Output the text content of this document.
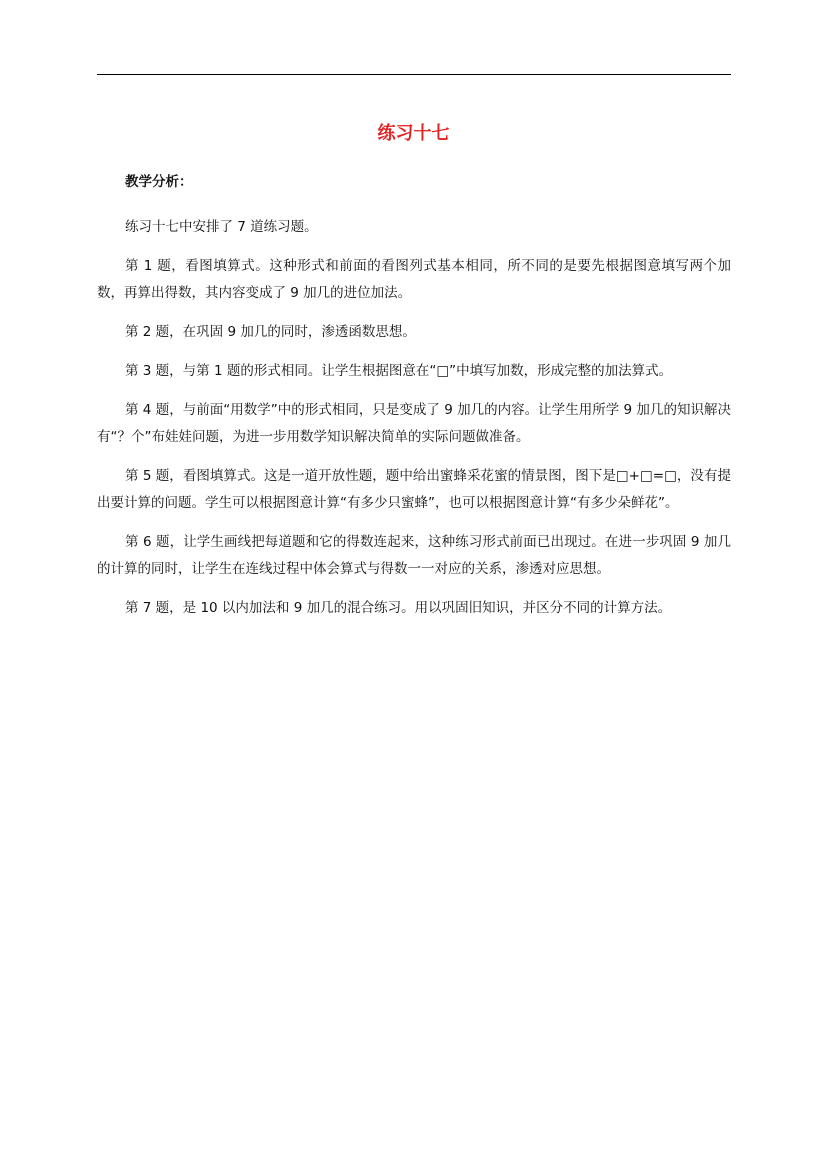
练习十七
教学分析：

练习十七中安排了 7 道练习题。

第 1 题，看图填算式。这种形式和前面的看图列式基本相同，所不同的是要先根据图意填写两个加数，再算出得数，其内容变成了 9 加几的进位加法。

第 2 题，在巩固 9 加几的同时，渗透函数思想。

第 3 题，与第 1 题的形式相同。让学生根据图意在“□”中填写加数，形成完整的加法算式。

第 4 题，与前面“用数学”中的形式相同，只是变成了 9 加几的内容。让学生用所学 9 加几的知识解决有“？个”布娃娃问题，为进一步用数学知识解决简单的实际问题做准备。

第 5 题，看图填算式。这是一道开放性题，题中给出蜜蜂采花蜜的情景图，图下是□+□=□，没有提出要计算的问题。学生可以根据图意计算“有多少只蜜蜂”，也可以根据图意计算“有多少朵鲜花”。

第 6 题，让学生画线把每道题和它的得数连起来，这种练习形式前面已出现过。在进一步巩固 9 加几的计算的同时，让学生在连线过程中体会算式与得数一一对应的关系，渗透对应思想。

第 7 题，是 10 以内加法和 9 加几的混合练习。用以巩固旧知识，并区分不同的计算方法。
